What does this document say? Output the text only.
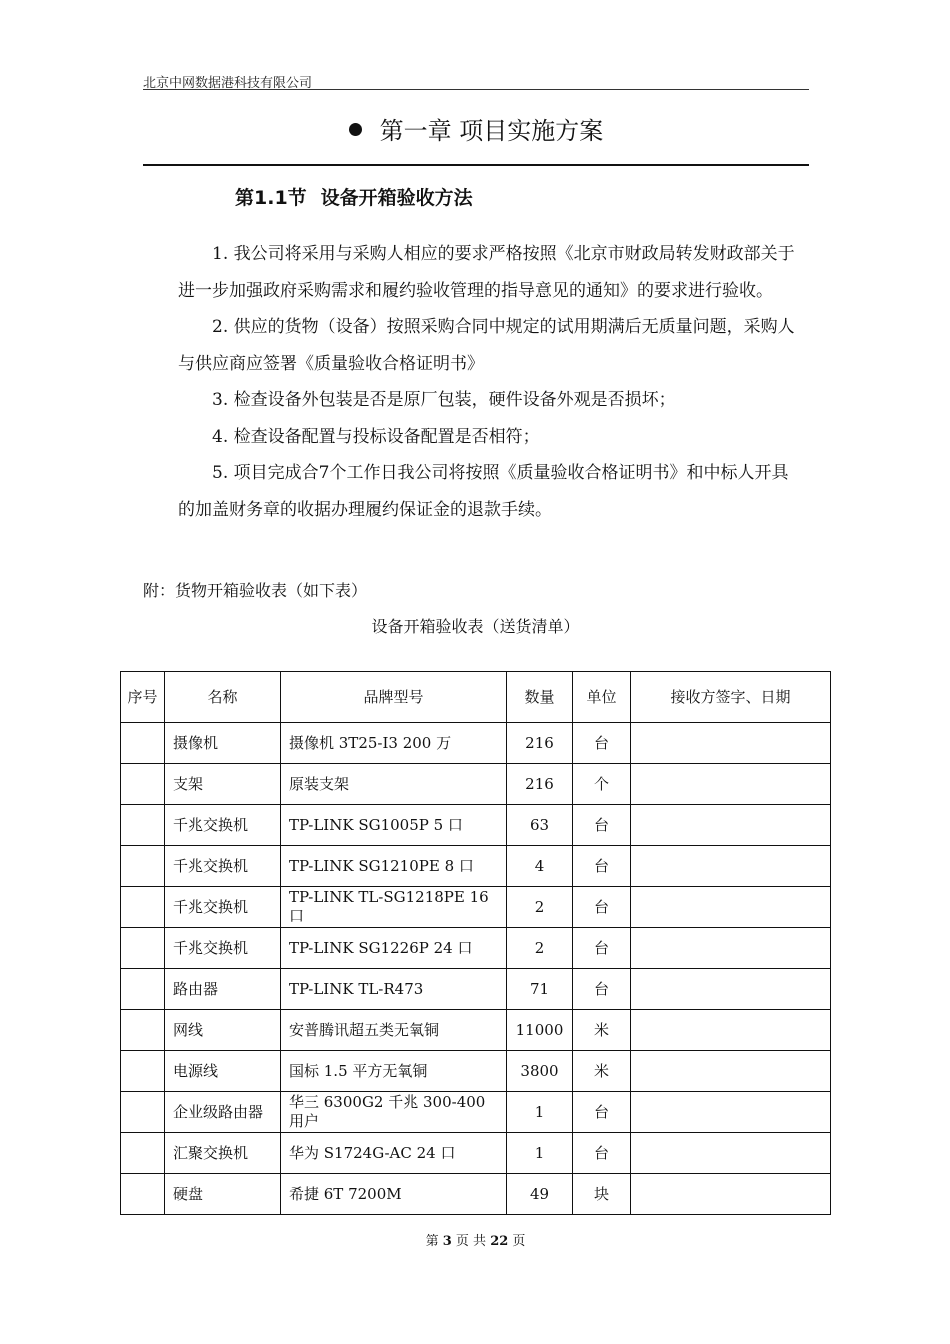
北京中网数据港科技有限公司
第一章 项目实施方案
第1.1节 设备开箱验收方法

1. 我公司将采用与采购人相应的要求严格按照《北京市财政局转发财政部关于进一步加强政府采购需求和履约验收管理的指导意见的通知》的要求进行验收。

2. 供应的货物（设备）按照采购合同中规定的试用期满后无质量问题，采购人与供应商应签署《质量验收合格证明书》

3. 检查设备外包装是否是原厂包装，硬件设备外观是否损坏；

4. 检查设备配置与投标设备配置是否相符；

5. 项目完成合7个工作日我公司将按照《质量验收合格证明书》和中标人开具的加盖财务章的收据办理履约保证金的退款手续。

附：货物开箱验收表（如下表）
设备开箱验收表（送货清单）
序号	名称	品牌型号	数量	单位	接收方签字、日期
	摄像机	摄像机 3T25-I3 200 万	216	台	
	支架	原装支架	216	个	
	千兆交换机	TP-LINK SG1005P 5 口	63	台	
	千兆交换机	TP-LINK SG1210PE 8 口	4	台	
	千兆交换机	TP-LINK TL-SG1218PE 16 口	2	台	
	千兆交换机	TP-LINK SG1226P 24 口	2	台	
	路由器	TP-LINK TL-R473	71	台	
	网线	安普腾讯超五类无氧铜	11000	米	
	电源线	国标 1.5 平方无氧铜	3800	米	
	企业级路由器	华三 6300G2 千兆 300-400 用户	1	台	
	汇聚交换机	华为 S1724G-AC 24 口	1	台	
	硬盘	希捷 6T 7200M	49	块	
第 3 页 共 22 页
